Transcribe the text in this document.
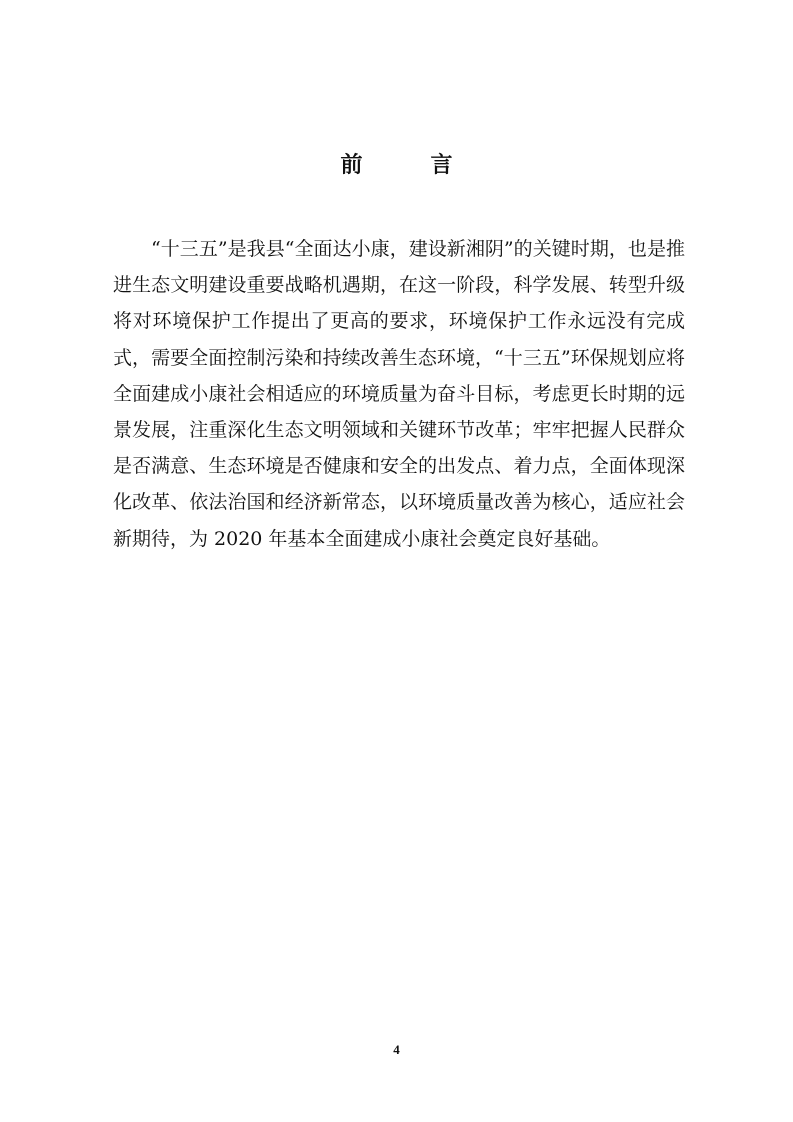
前	言

“十三五”是我县“全面达小康，建设新湘阴”的关键时期，也是推进生态文明建设重要战略机遇期，在这一阶段，科学发展、转型升级将对环境保护工作提出了更高的要求，环境保护工作永远没有完成式，需要全面控制污染和持续改善生态环境，“十三五”环保规划应将全面建成小康社会相适应的环境质量为奋斗目标，考虑更长时期的远景发展，注重深化生态文明领域和关键环节改革；牢牢把握人民群众是否满意、生态环境是否健康和安全的出发点、着力点，全面体现深化改革、依法治国和经济新常态，以环境质量改善为核心，适应社会新期待，为 2020 年基本全面建成小康社会奠定良好基础。

4
